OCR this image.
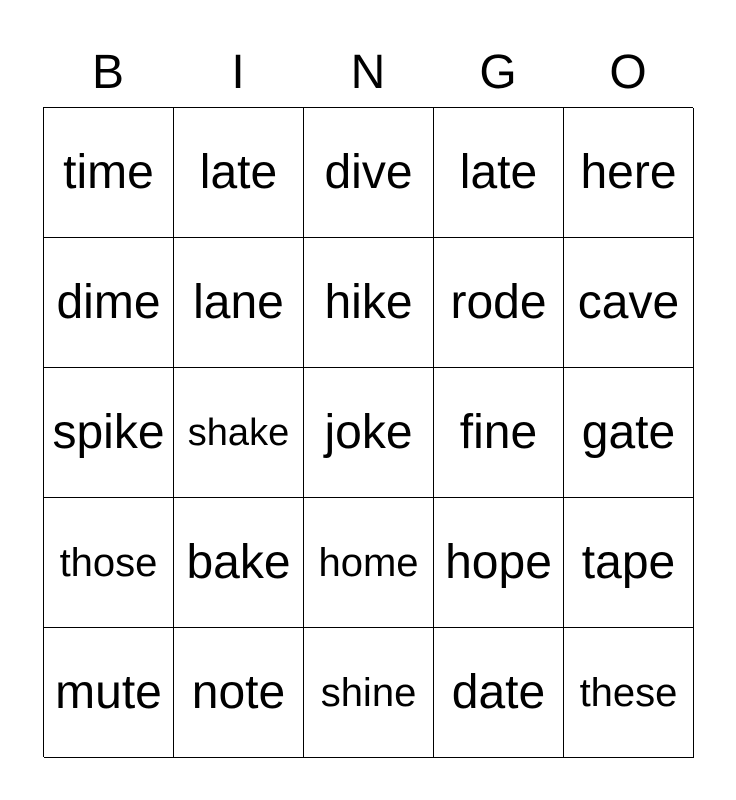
B	I	N	G	O
time late dive late here
dime lane hike rode cave
spike shake joke fine gate
those bake home hope tape
mute note shine date these
